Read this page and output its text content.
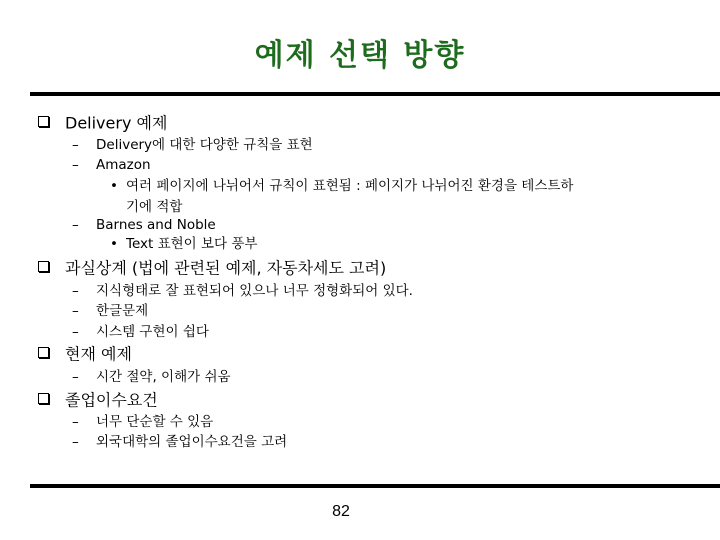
예제 선택 방향
Delivery 예제
– Delivery에 대한 다양한 규칙을 표현
– Amazon
• 여러 페이지에 나뉘어서 규칙이 표현됨 : 페이지가 나뉘어진 환경을 테스트하
기에 적합
– Barnes and Noble
• Text 표현이 보다 풍부
과실상계 (법에 관련된 예제, 자동차세도 고려)
– 지식형태로 잘 표현되어 있으나 너무 정형화되어 있다.
– 한글문제
– 시스템 구현이 쉽다
현재 예제
– 시간 절약, 이해가 쉬움
졸업이수요건
– 너무 단순할 수 있음
– 외국대학의 졸업이수요건을 고려
82
